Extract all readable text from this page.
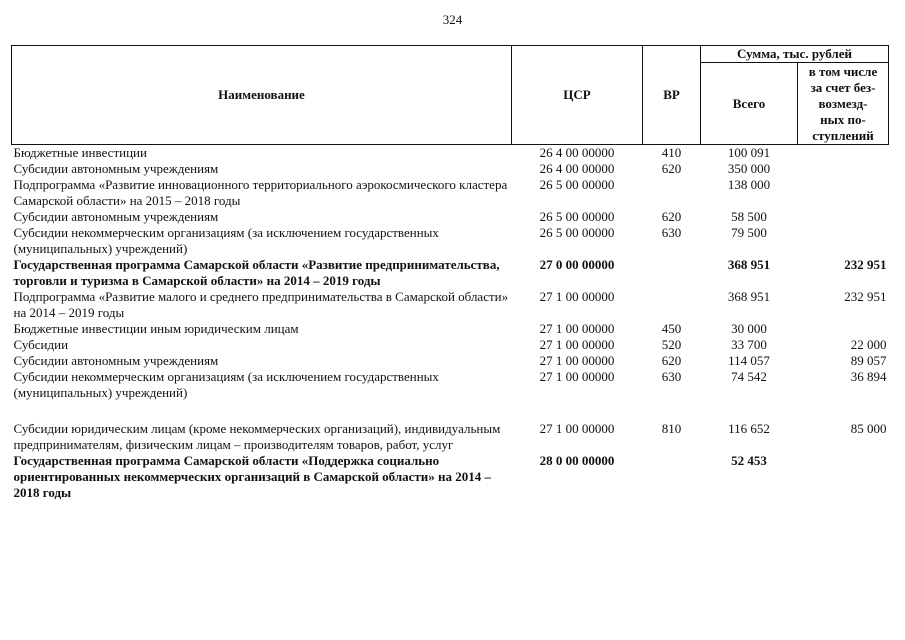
324
Наименование	ЦСР	ВР	Сумма, тыс. рублей	
			Всего	в том числе
за счет без-
возмезд-
ных по-
ступлений
Бюджетные инвестиции	26 4 00 00000	410	100 091	
Субсидии автономным учреждениям	26 4 00 00000	620	350 000	
Подпрограмма «Развитие инновационного территориального аэрокосмического кластера Самарской области» на 2015 – 2018 годы	26 5 00 00000		138 000	
Субсидии автономным учреждениям	26 5 00 00000	620	58 500	
Субсидии некоммерческим организациям (за исключением государственных (муниципальных) учреждений)	26 5 00 00000	630	79 500	
Государственная программа Самарской области «Развитие предпринимательства, торговли и туризма в Самарской области» на 2014 – 2019 годы	27 0 00 00000		368 951	232 951
Подпрограмма «Развитие малого и среднего предпринимательства в Самарской области» на 2014 – 2019 годы	27 1 00 00000		368 951	232 951
Бюджетные инвестиции иным юридическим лицам	27 1 00 00000	450	30 000	
Субсидии	27 1 00 00000	520	33 700	22 000
Субсидии автономным учреждениям	27 1 00 00000	620	114 057	89 057
Субсидии некоммерческим организациям (за исключением государственных (муниципальных) учреждений)	27 1 00 00000	630	74 542	36 894
Субсидии юридическим лицам (кроме некоммерческих организаций), индивидуальным предпринимателям, физическим лицам – производителям товаров, работ, услуг	27 1 00 00000	810	116 652	85 000
Государственная программа Самарской области «Поддержка социально ориентированных некоммерческих организаций в Самарской области» на 2014 – 2018 годы	28 0 00 00000		52 453	
